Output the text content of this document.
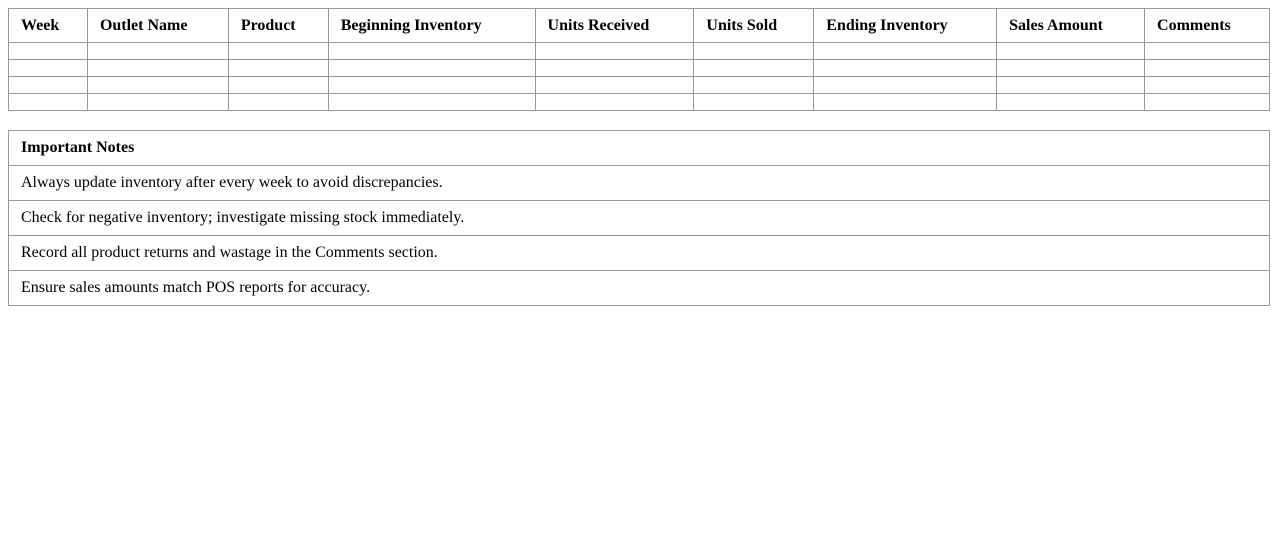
Week	Outlet Name	Product	Beginning Inventory	Units Received	Units Sold	Ending Inventory	Sales Amount	Comments

Important Notes
Always update inventory after every week to avoid discrepancies.
Check for negative inventory; investigate missing stock immediately.
Record all product returns and wastage in the Comments section.
Ensure sales amounts match POS reports for accuracy.
